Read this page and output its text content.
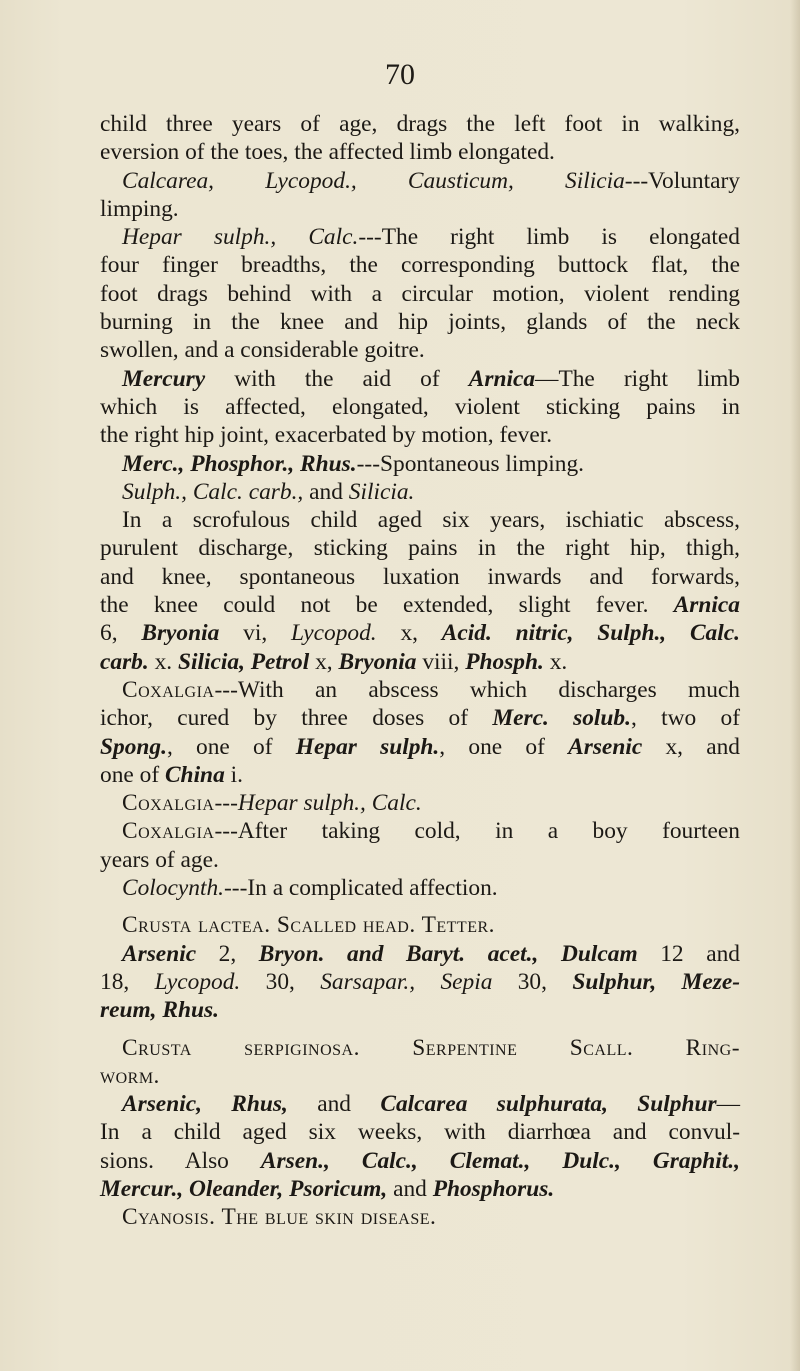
70
child three years of age, drags the left foot in walking,
eversion of the toes, the affected limb elongated.
Calcarea, Lycopod., Causticum, Silicia---Voluntary
limping.
Hepar sulph., Calc.---The right limb is elongated
four finger breadths, the corresponding buttock flat, the
foot drags behind with a circular motion, violent rending
burning in the knee and hip joints, glands of the neck
swollen, and a considerable goitre.
Mercury with the aid of Arnica—The right limb
which is affected, elongated, violent sticking pains in
the right hip joint, exacerbated by motion, fever.
Merc., Phosphor., Rhus.---Spontaneous limping.
Sulph., Calc. carb., and Silicia.
In a scrofulous child aged six years, ischiatic abscess,
purulent discharge, sticking pains in the right hip, thigh,
and knee, spontaneous luxation inwards and forwards,
the knee could not be extended, slight fever. Arnica
6, Bryonia vi, Lycopod. x, Acid. nitric, Sulph., Calc.
carb. x. Silicia, Petrol x, Bryonia viii, Phosph. x.
Coxalgia---With an abscess which discharges much
ichor, cured by three doses of Merc. solub., two of
Spong., one of Hepar sulph., one of Arsenic x, and
one of China i.
Coxalgia---Hepar sulph., Calc.
Coxalgia---After taking cold, in a boy fourteen
years of age.
Colocynth.---In a complicated affection.
Crusta lactea. Scalled head. Tetter.
Arsenic 2, Bryon. and Baryt. acet., Dulcam 12 and
18, Lycopod. 30, Sarsapar., Sepia 30, Sulphur, Meze-
reum, Rhus.
Crusta serpiginosa. Serpentine Scall. Ring-
worm.
Arsenic, Rhus, and Calcarea sulphurata, Sulphur—
In a child aged six weeks, with diarrhœa and convul-
sions. Also Arsen., Calc., Clemat., Dulc., Graphit.,
Mercur., Oleander, Psoricum, and Phosphorus.
Cyanosis. The blue skin disease.
